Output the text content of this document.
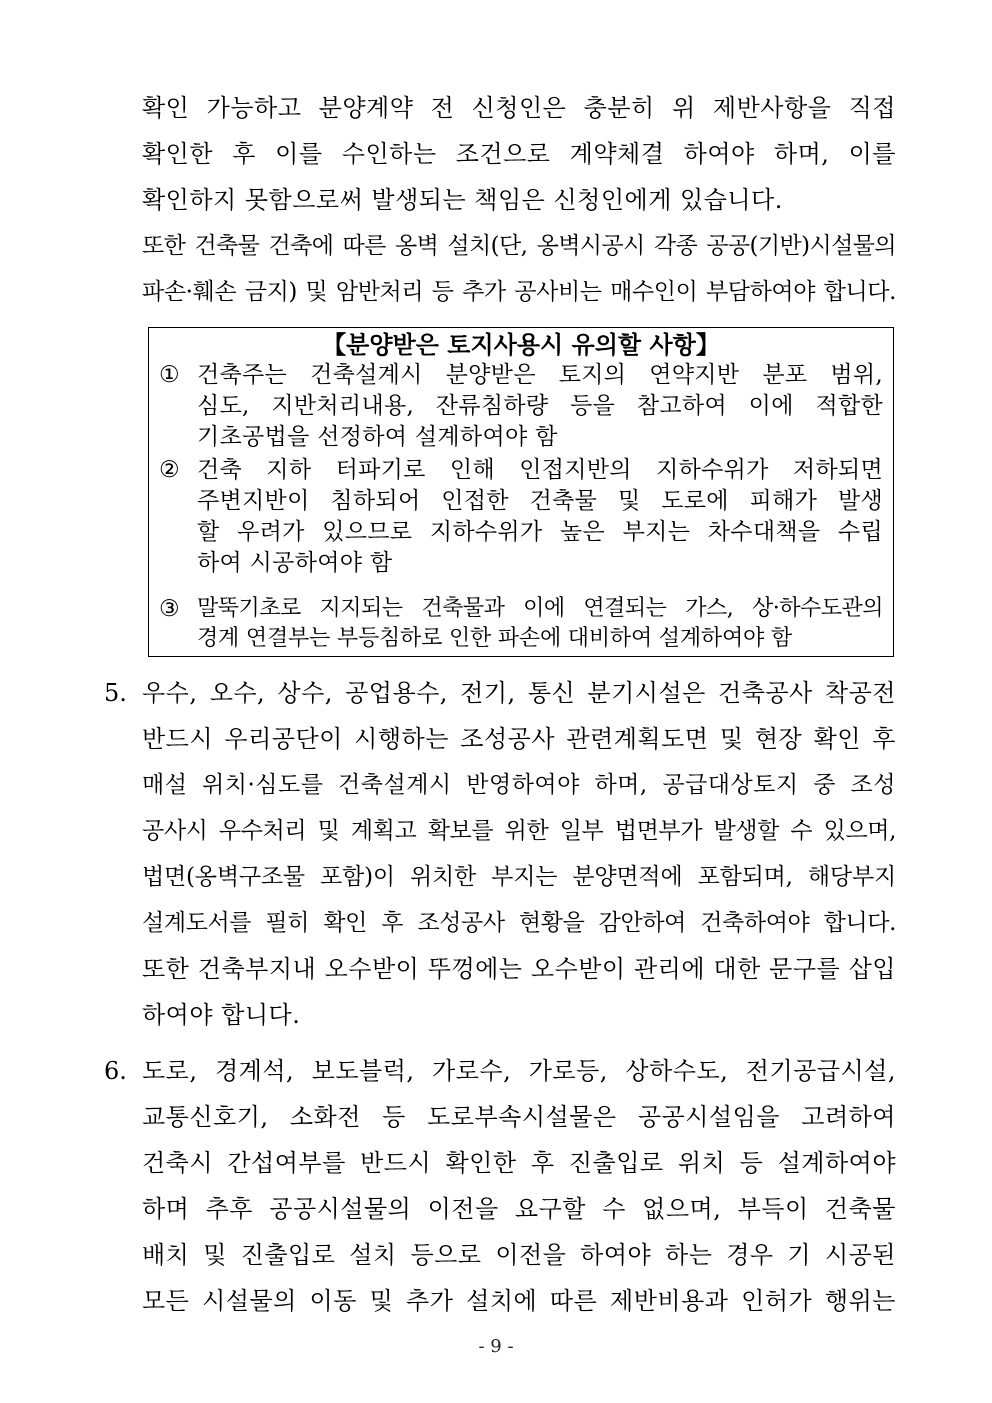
확인 가능하고 분양계약 전 신청인은 충분히 위 제반사항을 직접
확인한 후 이를 수인하는 조건으로 계약체결 하여야 하며, 이를
확인하지 못함으로써 발생되는 책임은 신청인에게 있습니다.
또한 건축물 건축에 따른 옹벽 설치(단, 옹벽시공시 각종 공공(기반)시설물의
파손·훼손 금지) 및 암반처리 등 추가 공사비는 매수인이 부담하여야 합니다.
【분양받은 토지사용시 유의할 사항】
① 건축주는 건축설계시 분양받은 토지의 연약지반 분포 범위,
심도, 지반처리내용, 잔류침하량 등을 참고하여 이에 적합한
기초공법을 선정하여 설계하여야 함
② 건축 지하 터파기로 인해 인접지반의 지하수위가 저하되면
주변지반이 침하되어 인접한 건축물 및 도로에 피해가 발생
할 우려가 있으므로 지하수위가 높은 부지는 차수대책을 수립
하여 시공하여야 함
③ 말뚝기초로 지지되는 건축물과 이에 연결되는 가스, 상·하수도관의
경계 연결부는 부등침하로 인한 파손에 대비하여 설계하여야 함
5. 우수, 오수, 상수, 공업용수, 전기, 통신 분기시설은 건축공사 착공전
반드시 우리공단이 시행하는 조성공사 관련계획도면 및 현장 확인 후
매설 위치·심도를 건축설계시 반영하여야 하며, 공급대상토지 중 조성
공사시 우수처리 및 계획고 확보를 위한 일부 법면부가 발생할 수 있으며,
법면(옹벽구조물 포함)이 위치한 부지는 분양면적에 포함되며, 해당부지
설계도서를 필히 확인 후 조성공사 현황을 감안하여 건축하여야 합니다.
또한 건축부지내 오수받이 뚜껑에는 오수받이 관리에 대한 문구를 삽입
하여야 합니다.
6. 도로, 경계석, 보도블럭, 가로수, 가로등, 상하수도, 전기공급시설,
교통신호기, 소화전 등 도로부속시설물은 공공시설임을 고려하여
건축시 간섭여부를 반드시 확인한 후 진출입로 위치 등 설계하여야
하며 추후 공공시설물의 이전을 요구할 수 없으며, 부득이 건축물
배치 및 진출입로 설치 등으로 이전을 하여야 하는 경우 기 시공된
모든 시설물의 이동 및 추가 설치에 따른 제반비용과 인허가 행위는
- 9 -
